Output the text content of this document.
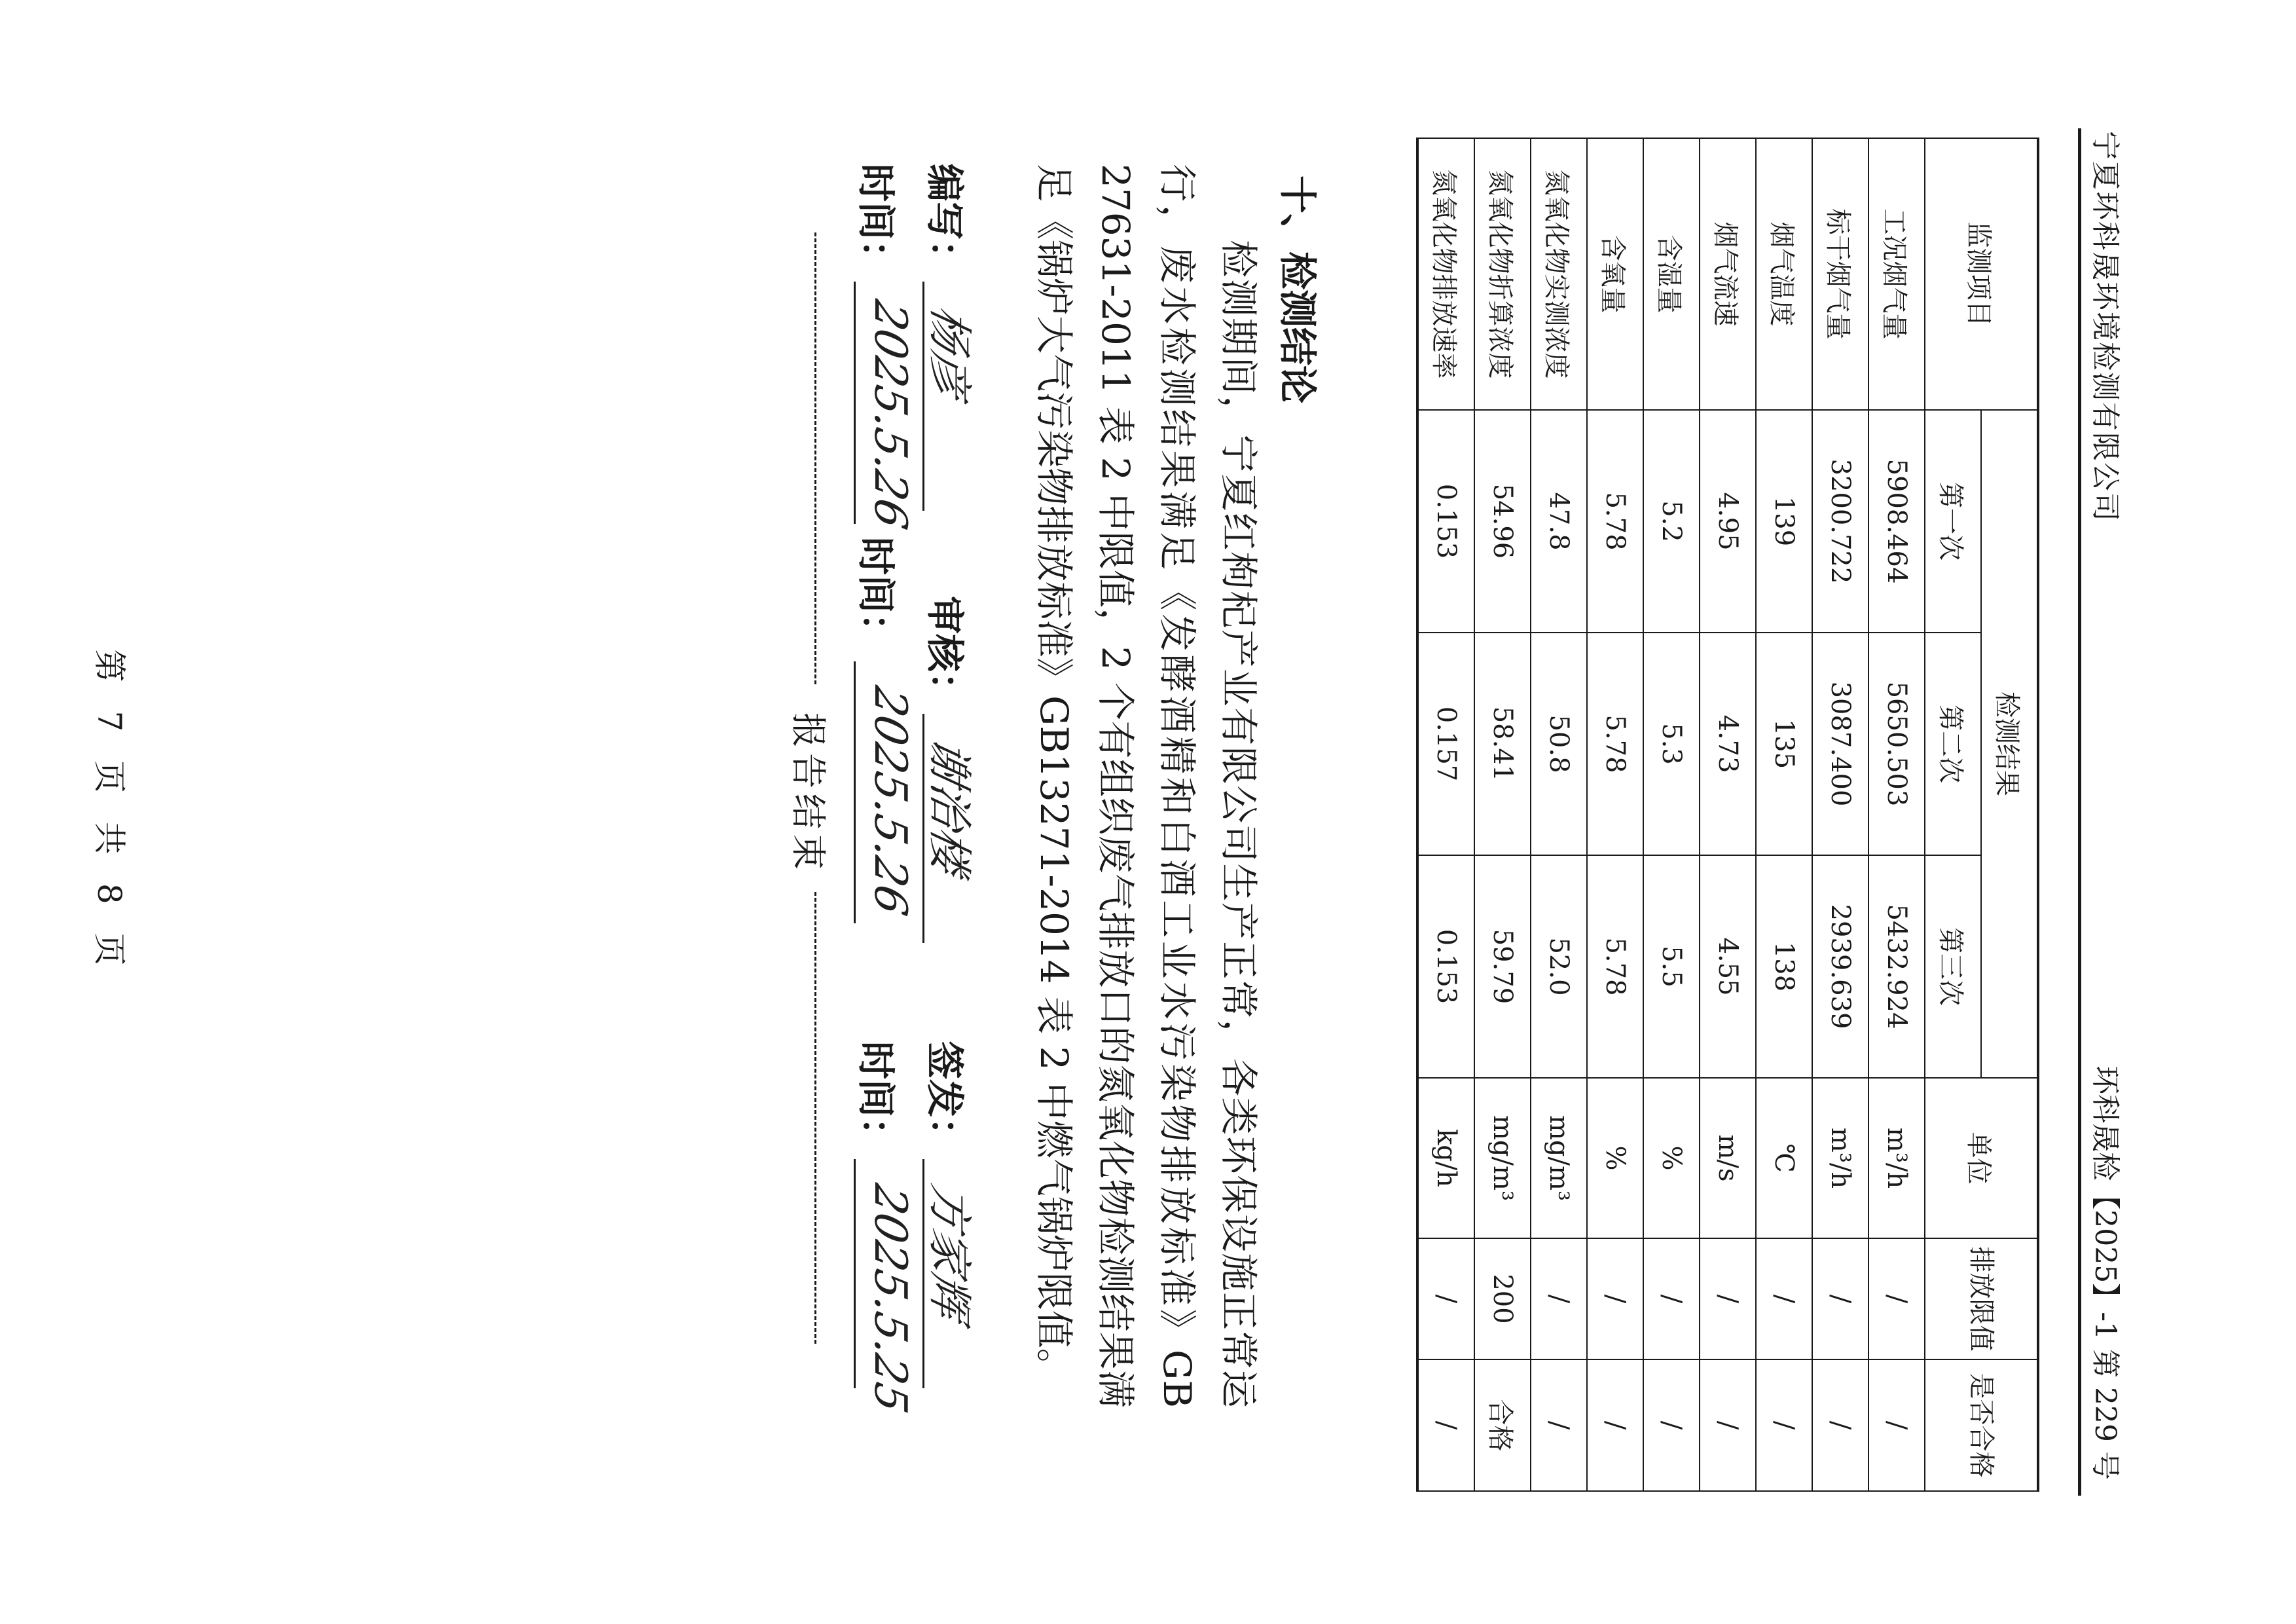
宁夏环科晟环境检测有限公司
环科晟检【2025】-1 第 229 号
监测项目	检测结果			单位	排放限值	是否合格
	第一次	第二次	第三次			
工况烟气量	5908.464	5650.503	5432.924	m³/h	/	/
标干烟气量	3200.722	3087.400	2939.639	m³/h	/	/
烟气温度	139	135	138	℃	/	/
烟气流速	4.95	4.73	4.55	m/s	/	/
含湿量	5.2	5.3	5.5	%	/	/
含氧量	5.78	5.78	5.78	%	/	/
氮氧化物实测浓度	47.8	50.8	52.0	mg/m³	/	/
氮氧化物折算浓度	54.96	58.41	59.79	mg/m³	200	合格
氮氧化物排放速率	0.153	0.157	0.153	kg/h	/	/
十、检测结论

检测期间，宁夏红枸杞产业有限公司生产正常，各类环保设施正常运行，废水检测结果满足《发酵酒精和白酒工业水污染物排放标准》GB 27631-2011 表 2 中限值，2 个有组织废气排放口的氮氧化物检测结果满足《锅炉大气污染物排放标准》GB13271-2014 表 2 中燃气锅炉限值。

编写：
杨彦
审核：
谢治楼
签发：
方家辉
时间：
2025.5.26
时间：
2025.5.26
时间：
2025.5.25
报告结束
第 7 页 共 8 页
